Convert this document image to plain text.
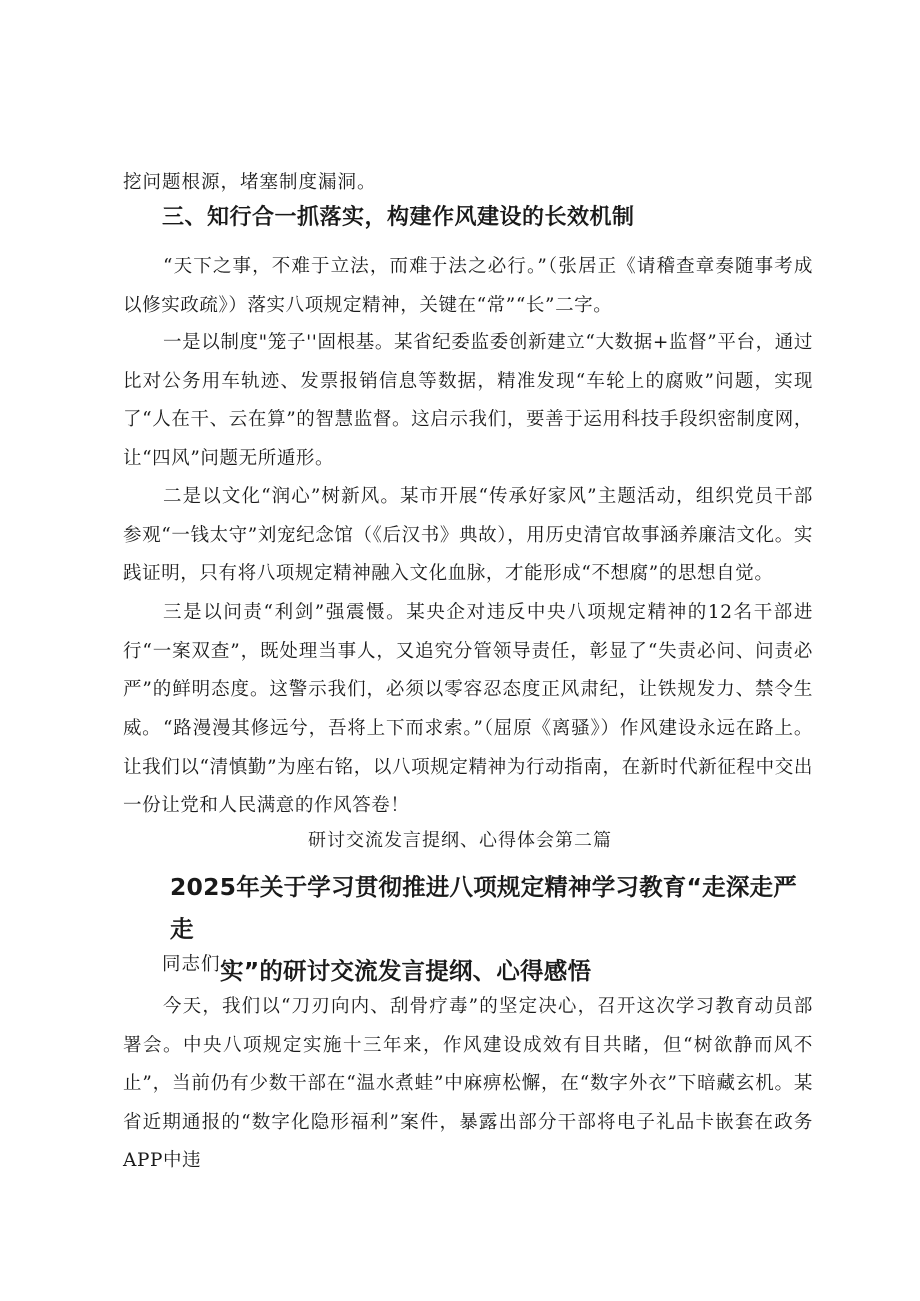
挖问题根源，堵塞制度漏洞。
三、知行合一抓落实，构建作风建设的长效机制

“天下之事，不难于立法，而难于法之必行。”（张居正《请稽查章奏随事考成以修实政疏》）落实八项规定精神，关键在“常”“长”二字。

一是以制度"笼子''固根基。某省纪委监委创新建立“大数据+监督”平台，通过比对公务用车轨迹、发票报销信息等数据，精准发现“车轮上的腐败”问题，实现了“人在干、云在算”的智慧监督。这启示我们，要善于运用科技手段织密制度网，让“四风”问题无所遁形。

二是以文化“润心”树新风。某市开展“传承好家风”主题活动，组织党员干部参观“一钱太守”刘宠纪念馆（《后汉书》典故），用历史清官故事涵养廉洁文化。实践证明，只有将八项规定精神融入文化血脉，才能形成“不想腐”的思想自觉。

三是以问责“利剑”强震慑。某央企对违反中央八项规定精神的12名干部进行“一案双查”，既处理当事人，又追究分管领导责任，彰显了“失责必问、问责必严”的鲜明态度。这警示我们，必须以零容忍态度正风肃纪，让铁规发力、禁令生威。 “路漫漫其修远兮，吾将上下而求索。”（屈原《离骚》）作风建设永远在路上。让我们以“清慎勤”为座右铭，以八项规定精神为行动指南，在新时代新征程中交出一份让党和人民满意的作风答卷！

研讨交流发言提纲、心得体会第二篇
2025年关于学习贯彻推进八项规定精神学习教育“走深走严走
实”的研讨交流发言提纲、心得感悟
同志们：

今天，我们以“刀刃向内、刮骨疗毒”的坚定决心，召开这次学习教育动员部署会。中央八项规定实施十三年来，作风建设成效有目共睹，但“树欲静而风不止”，当前仍有少数干部在“温水煮蛙”中麻痹松懈，在“数字外衣”下暗藏玄机。某省近期通报的“数字化隐形福利”案件，暴露出部分干部将电子礼品卡嵌套在政务APP中违
